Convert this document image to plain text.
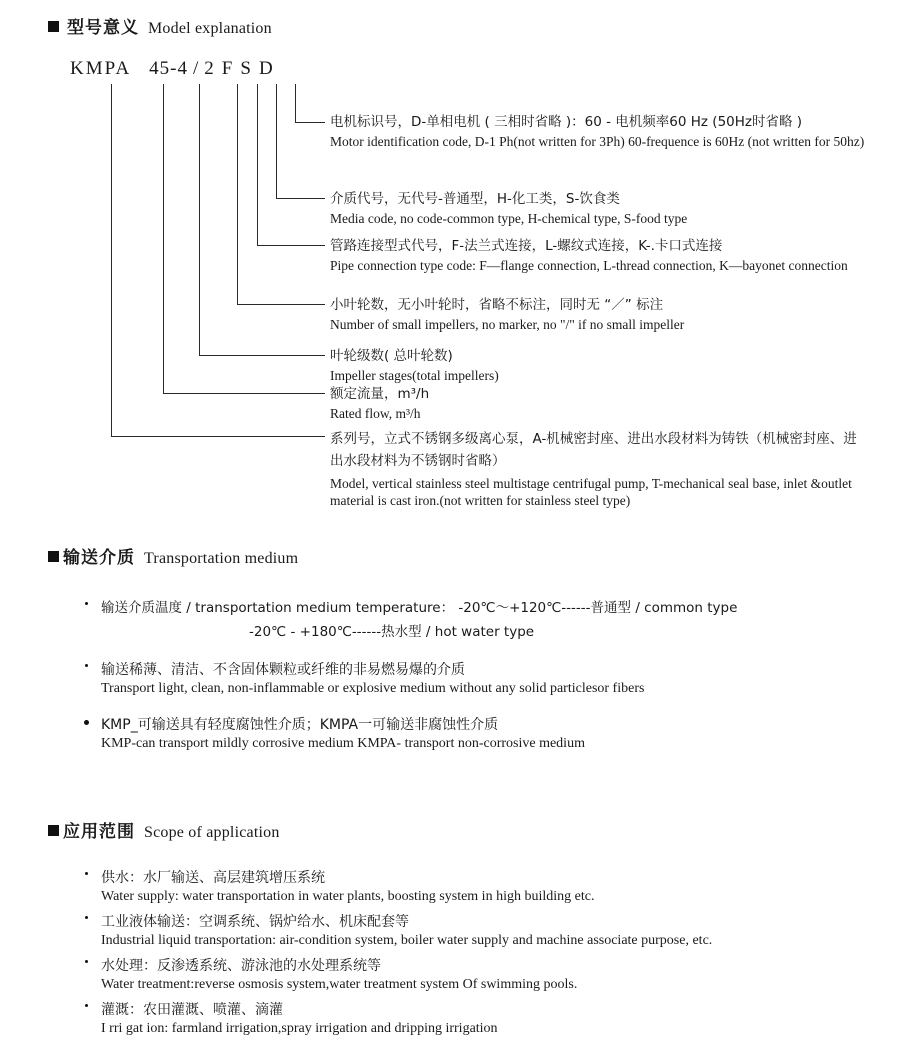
型号意义 Model explanation
KMPA 45-4 / 2 F S D
电机标识号，D-单相电机 ( 三相时省略 )：60 - 电机频率60 Hz (50Hz时省略 )
Motor identification code, D-1 Ph(not written for 3Ph) 60-frequence is 60Hz (not written for 50hz)
介质代号，无代号-普通型，H-化工类，S-饮食类
Media code, no code-common type, H-chemical type, S-food type
管路连接型式代号，F-法兰式连接，L-螺纹式连接，K-.卡口式连接
Pipe connection type code: F—flange connection, L-thread connection, K—bayonet connection
小叶轮数，无小叶轮时，省略不标注，同时无 “／” 标注
Number of small impellers, no marker, no "/" if no small impeller
叶轮级数( 总叶轮数)
Impeller stages(total impellers)
额定流量，m³/h
Rated flow, m³/h
系列号，立式不锈钢多级离心泵，A-机械密封座、进出水段材料为铸铁（机械密封座、进出水段材料为不锈钢时省略）
Model, vertical stainless steel multistage centrifugal pump, T-mechanical seal base, inlet &outlet material is cast iron.(not written for stainless steel type)
输送介质 Transportation medium
输送介质温度 / transportation medium temperature： -20℃～+120℃------普通型 / common type
-20℃ - +180℃------热水型 / hot water type
输送稀薄、清洁、不含固体颗粒或纤维的非易燃易爆的介质
Transport light, clean, non-inflammable or explosive medium without any solid particlesor fibers
KMP_可输送具有轻度腐蚀性介质；KMPA一可输送非腐蚀性介质
KMP-can transport mildly corrosive medium KMPA- transport non-corrosive medium
应用范围 Scope of application
供水：水厂输送、高层建筑增压系统
Water supply: water transportation in water plants, boosting system in high building etc.
工业液体输送：空调系统、锅炉给水、机床配套等
Industrial liquid transportation: air-condition system, boiler water supply and machine associate purpose, etc.
水处理：反渗透系统、游泳池的水处理系统等
Water treatment:reverse osmosis system,water treatment system Of swimming pools.
灌溉：农田灌溉、喷灌、滴灌
I rri gat ion: farmland irrigation,spray irrigation and dripping irrigation
